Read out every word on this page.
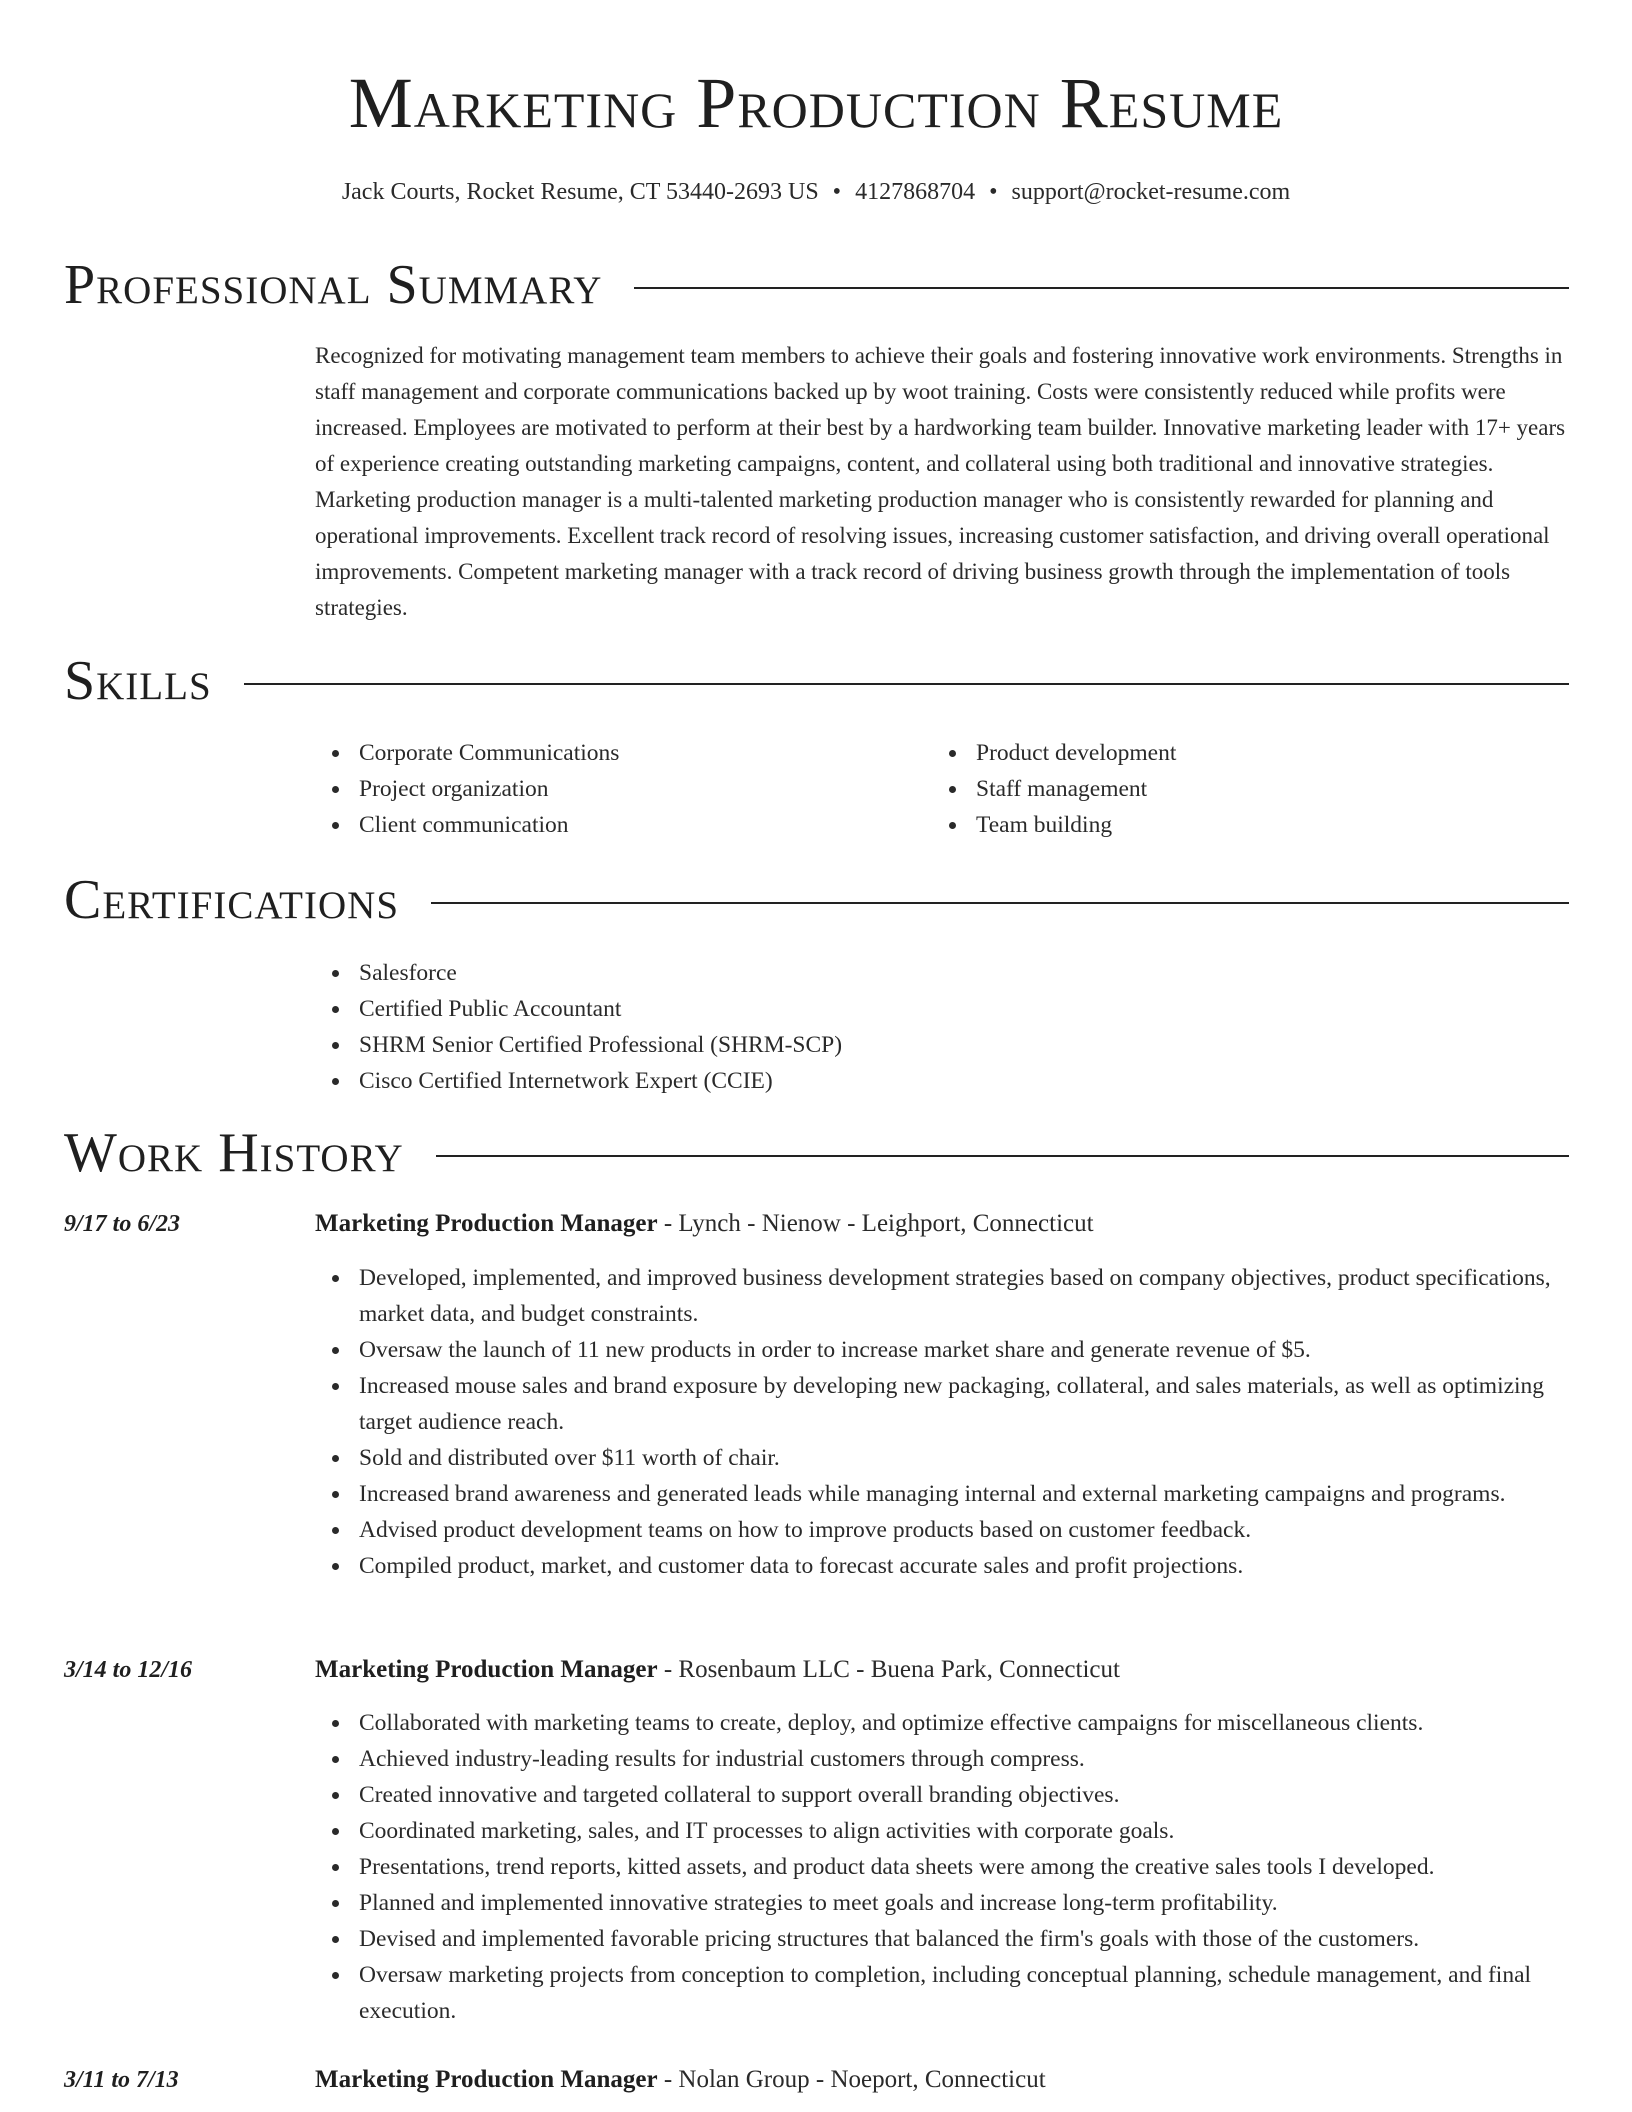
Marketing Production Resume
Jack Courts, Rocket Resume, CT 53440-2693 US • 4127868704 • support@rocket-resume.com
Professional Summary

Recognized for motivating management team members to achieve their goals and fostering innovative work environments. Strengths in staff management and corporate communications backed up by woot training. Costs were consistently reduced while profits were increased. Employees are motivated to perform at their best by a hardworking team builder. Innovative marketing leader with 17+ years of experience creating outstanding marketing campaigns, content, and collateral using both traditional and innovative strategies. Marketing production manager is a multi-talented marketing production manager who is consistently rewarded for planning and operational improvements. Excellent track record of resolving issues, increasing customer satisfaction, and driving overall operational improvements. Competent marketing manager with a track record of driving business growth through the implementation of tools strategies.

Skills
Corporate Communications
Project organization
Client communication
Product development
Staff management
Team building
Certifications
Salesforce
Certified Public Accountant
SHRM Senior Certified Professional (SHRM-SCP)
Cisco Certified Internetwork Expert (CCIE)
Work History
9/17 to 6/23	Marketing Production Manager - Lynch - Nienow - Leighport, Connecticut
Developed, implemented, and improved business development strategies based on company objectives, product specifications, market data, and budget constraints.
Oversaw the launch of 11 new products in order to increase market share and generate revenue of $5.
Increased mouse sales and brand exposure by developing new packaging, collateral, and sales materials, as well as optimizing target audience reach.
Sold and distributed over $11 worth of chair.
Increased brand awareness and generated leads while managing internal and external marketing campaigns and programs.
Advised product development teams on how to improve products based on customer feedback.
Compiled product, market, and customer data to forecast accurate sales and profit projections.
3/14 to 12/16	Marketing Production Manager - Rosenbaum LLC - Buena Park, Connecticut
Collaborated with marketing teams to create, deploy, and optimize effective campaigns for miscellaneous clients.
Achieved industry-leading results for industrial customers through compress.
Created innovative and targeted collateral to support overall branding objectives.
Coordinated marketing, sales, and IT processes to align activities with corporate goals.
Presentations, trend reports, kitted assets, and product data sheets were among the creative sales tools I developed.
Planned and implemented innovative strategies to meet goals and increase long-term profitability.
Devised and implemented favorable pricing structures that balanced the firm's goals with those of the customers.
Oversaw marketing projects from conception to completion, including conceptual planning, schedule management, and final execution.
3/11 to 7/13	Marketing Production Manager - Nolan Group - Noeport, Connecticut
